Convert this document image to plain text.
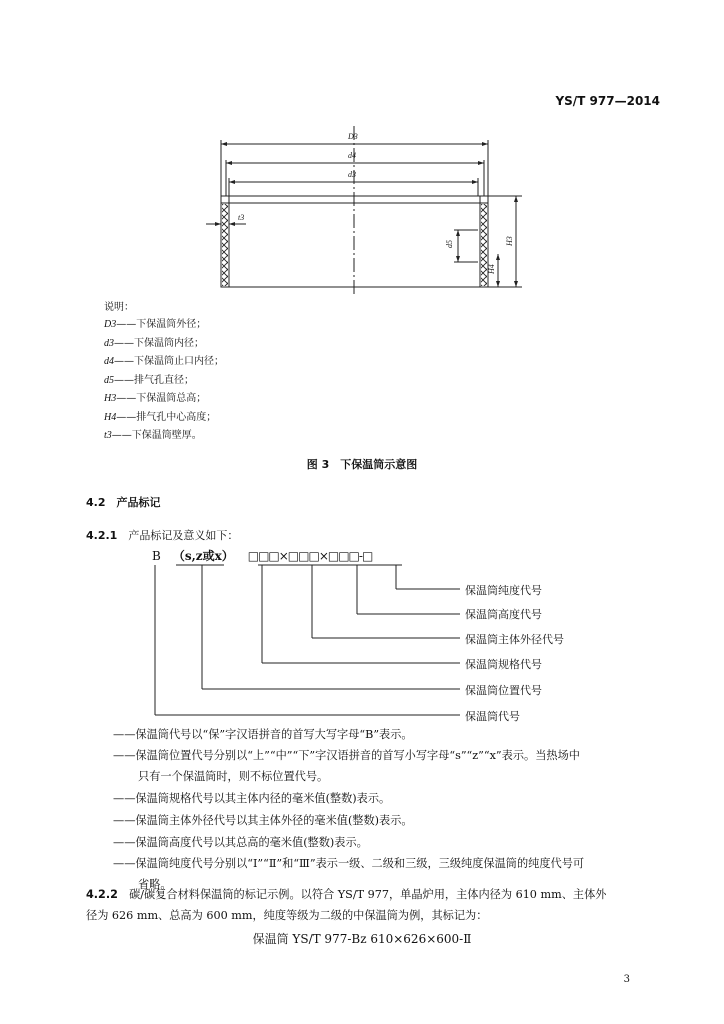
YS/T 977—2014
D3
d4
d3
t3
d5	H3
H4
说明：
D3——下保温筒外径；
d3——下保温筒内径；
d4——下保温筒止口内径；
d5——排气孔直径；
H3——下保温筒总高；
H4——排气孔中心高度；
t3——下保温筒壁厚。
图 3　下保温筒示意图
4.2　 产品标记
4.2.1　 产品标记及意义如下：
B （s,z或x） □□□×□□□×□□□-□
保温筒纯度代号
保温筒高度代号
保温筒主体外径代号
保温筒规格代号
保温筒位置代号
保温筒代号
——保温筒代号以“保”字汉语拼音的首写大写字母“B”表示。
——保温筒位置代号分别以“上”“中”“下”字汉语拼音的首写小写字母“s”“z”“x”表示。当热场中
只有一个保温筒时，则不标位置代号。
——保温筒规格代号以其主体内径的毫米值(整数)表示。
——保温筒主体外径代号以其主体外径的毫米值(整数)表示。
——保温筒高度代号以其总高的毫米值(整数)表示。
——保温筒纯度代号分别以“Ⅰ”“Ⅱ”和“Ⅲ”表示一级、二级和三级，三级纯度保温筒的纯度代号可
省略。
4.2.2　 碳/碳复合材料保温筒的标记示例。以符合 YS/T 977，单晶炉用，主体内径为 610 mm、主体外
径为 626 mm、总高为 600 mm，纯度等级为二级的中保温筒为例，其标记为：
保温筒 YS/T 977-Bz 610×626×600-Ⅱ
3
